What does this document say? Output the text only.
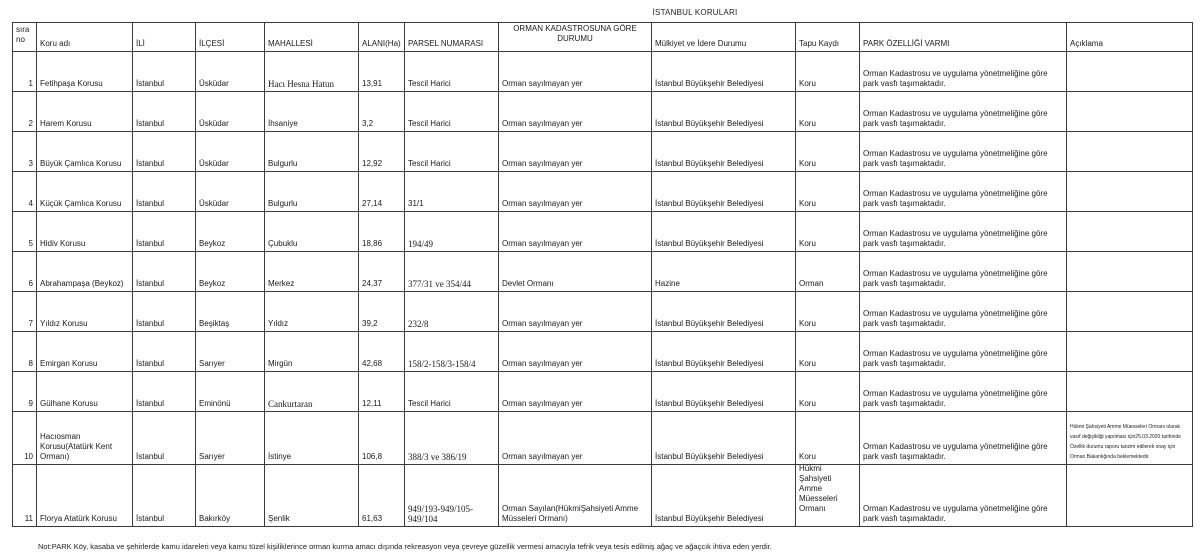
İSTANBUL KORULARI
sıra no	Koru adı	İLİ	İLÇESİ	MAHALLESİ	ALANI(Ha)	PARSEL NUMARASI	ORMAN KADASTROSUNA GÖRE DURUMU	Mülkiyet ve İdere Durumu	Tapu Kaydı	PARK ÖZELLİĞİ VARMI	Açıklama
1	Fetihpaşa Korusu	İstanbul	Üsküdar	Hacı Hesna Hatun	13,91	Tescil Harici	Orman sayılmayan yer	İstanbul Büyükşehir Belediyesi	Koru	Orman Kadastrosu ve uygulama yönetmeliğine göre park vasfı taşımaktadır.	
2	Harem Korusu	İstanbul	Üsküdar	İhsaniye	3,2	Tescil Harici	Orman sayılmayan yer	İstanbul Büyükşehir Belediyesi	Koru	Orman Kadastrosu ve uygulama yönetmeliğine göre park vasfı taşımaktadır.	
3	Büyük Çamlıca Korusu	İstanbul	Üsküdar	Bulgurlu	12,92	Tescil Harici	Orman sayılmayan yer	İstanbul Büyükşehir Belediyesi	Koru	Orman Kadastrosu ve uygulama yönetmeliğine göre park vasfı taşımaktadır.	
4	Küçük Çamlıca Korusu	İstanbul	Üsküdar	Bulgurlu	27,14	31/1	Orman sayılmayan yer	İstanbul Büyükşehir Belediyesi	Koru	Orman Kadastrosu ve uygulama yönetmeliğine göre park vasfı taşımaktadır.	
5	Hidiv Korusu	İstanbul	Beykoz	Çubuklu	18,86	194/49	Orman sayılmayan yer	İstanbul Büyükşehir Belediyesi	Koru	Orman Kadastrosu ve uygulama yönetmeliğine göre park vasfı taşımaktadır.	
6	Abrahampaşa (Beykoz)	İstanbul	Beykoz	Merkez	24,37	377/31 ve 354/44	Devlet Ormanı	Hazine	Orman	Orman Kadastrosu ve uygulama yönetmeliğine göre park vasfı taşımaktadır.	
7	Yıldız Korusu	İstanbul	Beşiktaş	Yıldız	39,2	232/8	Orman sayılmayan yer	İstanbul Büyükşehir Belediyesi	Koru	Orman Kadastrosu ve uygulama yönetmeliğine göre park vasfı taşımaktadır.	
8	Emirgan Korusu	İstanbul	Sarıyer	Mirgün	42,68	158/2-158/3-158/4	Orman sayılmayan yer	İstanbul Büyükşehir Belediyesi	Koru	Orman Kadastrosu ve uygulama yönetmeliğine göre park vasfı taşımaktadır.	
9	Gülhane Korusu	İstanbul	Eminönü	Cankurtaran	12,11	Tescil Harici	Orman sayılmayan yer	İstanbul Büyükşehir Belediyesi	Koru	Orman Kadastrosu ve uygulama yönetmeliğine göre park vasfı taşımaktadır.	
10	Hacıosman Korusu(Atatürk Kent Ormanı)	İstanbul	Sarıyer	İstinye	106,8	388/3 ve 386/19	Orman sayılmayan yer	İstanbul Büyükşehir Belediyesi	Koru	Orman Kadastrosu ve uygulama yönetmeliğine göre park vasfı taşımaktadır.	Hükmi Şahsiyeti Amme Müesseleri Ormanı olarak vasıf değişikliği yapılması için25.03.2020 tarihinde Özellik durumu raporu tanzim edilerek onay için Orman Bakanlığında beklemektedir.
11	Florya Atatürk Korusu	İstanbul	Bakırköy	Şenlik	61,63	949/193-949/105-949/104	Orman Sayılan(HükmiŞahsiyeti Amme Müsseleri Ormanı)	İstanbul Büyükşehir Belediyesi	Hükmi Şahsiyeti Amme Müesseleri Ormanı	Orman Kadastrosu ve uygulama yönetmeliğine göre park vasfı taşımaktadır.	
Not:PARK Köy, kasaba ve şehirlerde kamu idareleri veya kamu tüzel kişiliklerince orman kurma amacı dışında rekreasyon veya çevreye güzellik vermesi amacıyla tefrik veya tesis edilmiş ağaç ve ağaçcık ihtiva eden yerdir.
